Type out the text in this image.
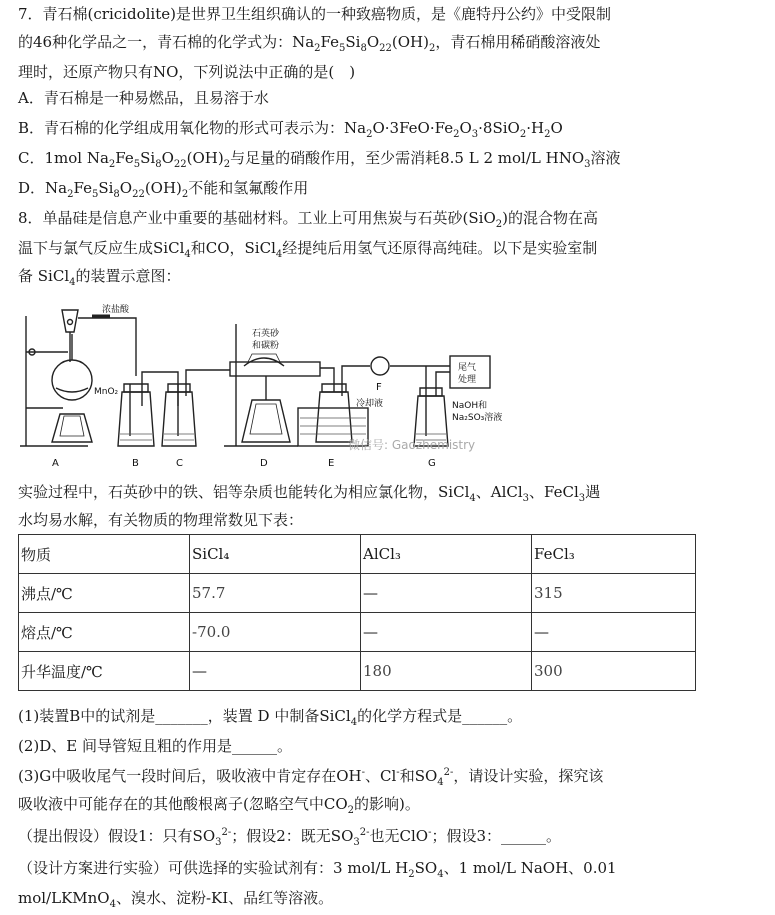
7．青石棉(cricidolite)是世界卫生组织确认的一种致癌物质，是《鹿特丹公约》中受限制
的46种化学品之一，青石棉的化学式为：$Na_2Fe_5Si_8O_{22}(OH)_2$，青石棉用稀硝酸溶液处
理时，还原产物只有NO，下列说法中正确的是(　)
A．青石棉是一种易燃品，且易溶于水
B．青石棉的化学组成用氧化物的形式可表示为：$Na_2O\cdot 3FeO\cdot Fe_2O_3\cdot 8SiO_2\cdot H_2O$
C．1mol $Na_2Fe_5Si_8O_{22}(OH)_2$与足量的硝酸作用，至少需消耗8.5 L 2 mol/L $HNO_3$溶液
D．$Na_2Fe_5Si_8O_{22}(OH)_2$不能和氢氟酸作用
8．单晶硅是信息产业中重要的基础材料。工业上可用焦炭与石英砂(SiO$_2$)的混合物在高
温下与氯气反应生成SiCl$_4$和CO，SiCl$_4$经提纯后用氢气还原得高纯硅。以下是实验室制
备 SiCl$_4$的装置示意图：
浓盐酸
MnO₂
石英砂
和碳粉
尾气
处理
冷却液	NaOH和
Na₂SO₃溶液
A	B	C	D	E
F
G
微信号: Gaozhemistry
实验过程中，石英砂中的铁、铝等杂质也能转化为相应氯化物，SiCl$_4$、AlCl$_3$、FeCl$_3$遇
水均易水解，有关物质的物理常数见下表：
物质	SiCl₄	AlCl₃	FeCl₃
沸点/℃	57.7	—	315
熔点/℃	-70.0	—	—
升华温度/℃	—	180	300
(1)装置B中的试剂是_______，装置 D 中制备SiCl$_4$的化学方程式是______。
(2)D、E 间导管短且粗的作用是______。
(3)G中吸收尾气一段时间后，吸收液中肯定存在OH-、Cl-和$SO_4^{2-}$，请设计实验，探究该
吸收液中可能存在的其他酸根离子(忽略空气中$CO_2$的影响)。
（提出假设）假设1：只有$SO_3^{2-}$；假设2：既无$SO_3^{2-}$也无ClO-；假设3：______。
（设计方案进行实验）可供选择的实验试剂有：3 mol/L $H_2SO_4$、1 mol/L NaOH、0.01
mol/LKMnO$_4$、溴水、淀粉-KI、品红等溶液。
